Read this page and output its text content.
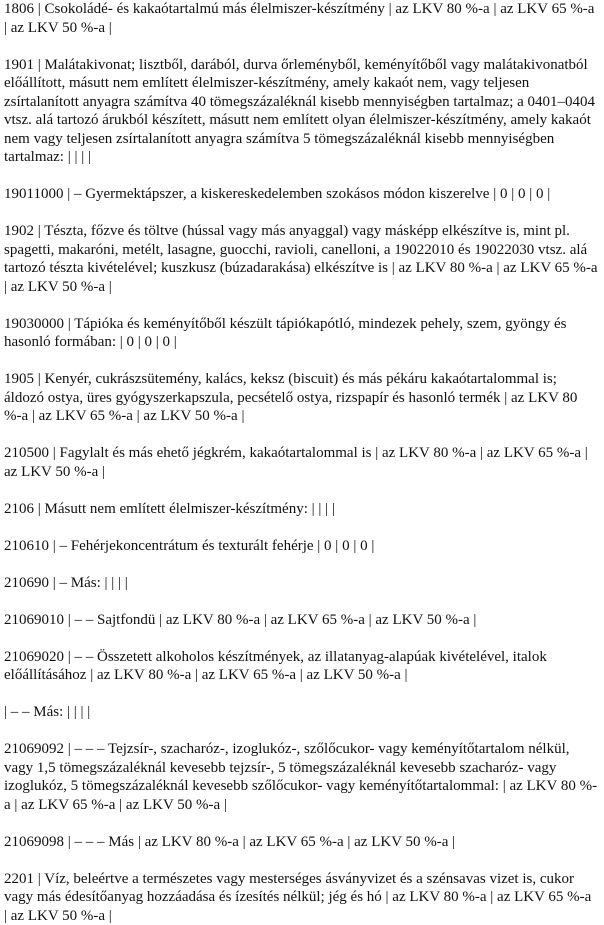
1806 | Csokoládé- és kakaótartalmú más élelmiszer-készítmény | az LKV 80 %-a | az LKV 65 %-a | az LKV 50 %-a |

1901 | Malátakivonat; lisztből, darából, durva őrleményből, keményítőből vagy malátakivonatból előállított, másutt nem említett élelmiszer-készítmény, amely kakaót nem, vagy teljesen zsírtalanított anyagra számítva 40 tömegszázaléknál kisebb mennyiségben tartalmaz; a 0401–0404 vtsz. alá tartozó árukból készített, másutt nem említett olyan élelmiszer-készítmény, amely kakaót nem vagy teljesen zsírtalanított anyagra számítva 5 tömegszázaléknál kisebb mennyiségben tartalmaz: | | | |

19011000 | – Gyermektápszer, a kiskereskedelemben szokásos módon kiszerelve | 0 | 0 | 0 |

1902 | Tészta, főzve és töltve (hússal vagy más anyaggal) vagy másképp elkészítve is, mint pl. spagetti, makaróni, metélt, lasagne, guocchi, ravioli, canelloni, a 19022010 és 19022030 vtsz. alá tartozó tészta kivételével; kuszkusz (búzadarakása) elkészítve is | az LKV 80 %-a | az LKV 65 %-a | az LKV 50 %-a |

19030000 | Tápióka és keményítőből készült tápiókapótló, mindezek pehely, szem, gyöngy és hasonló formában: | 0 | 0 | 0 |

1905 | Kenyér, cukrászsütemény, kalács, keksz (biscuit) és más pékáru kakaótartalommal is; áldozó ostya, üres gyógyszerkapszula, pecsételő ostya, rizspapír és hasonló termék | az LKV 80 %-a | az LKV 65 %-a | az LKV 50 %-a |

210500 | Fagylalt és más ehető jégkrém, kakaótartalommal is | az LKV 80 %-a | az LKV 65 %-a | az LKV 50 %-a |

2106 | Másutt nem említett élelmiszer-készítmény: | | | |

210610 | – Fehérjekoncentrátum és texturált fehérje | 0 | 0 | 0 |

210690 | – Más: | | | |

21069010 | – – Sajtfondü | az LKV 80 %-a | az LKV 65 %-a | az LKV 50 %-a |

21069020 | – – Összetett alkoholos készítmények, az illatanyag-alapúak kivételével, italok előállításához | az LKV 80 %-a | az LKV 65 %-a | az LKV 50 %-a |

| – – Más: | | | |

21069092 | – – – Tejzsír-, szacharóz-, izoglukóz-, szőlőcukor- vagy keményítőtartalom nélkül, vagy 1,5 tömegszázaléknál kevesebb tejzsír-, 5 tömegszázaléknál kevesebb szacharóz- vagy izoglukóz, 5 tömegszázaléknál kevesebb szőlőcukor- vagy keményítőtartalommal: | az LKV 80 %-a | az LKV 65 %-a | az LKV 50 %-a |

21069098 | – – – Más | az LKV 80 %-a | az LKV 65 %-a | az LKV 50 %-a |

2201 | Víz, beleértve a természetes vagy mesterséges ásványvizet és a szénsavas vizet is, cukor vagy más édesítőanyag hozzáadása és ízesítés nélkül; jég és hó | az LKV 80 %-a | az LKV 65 %-a | az LKV 50 %-a |
